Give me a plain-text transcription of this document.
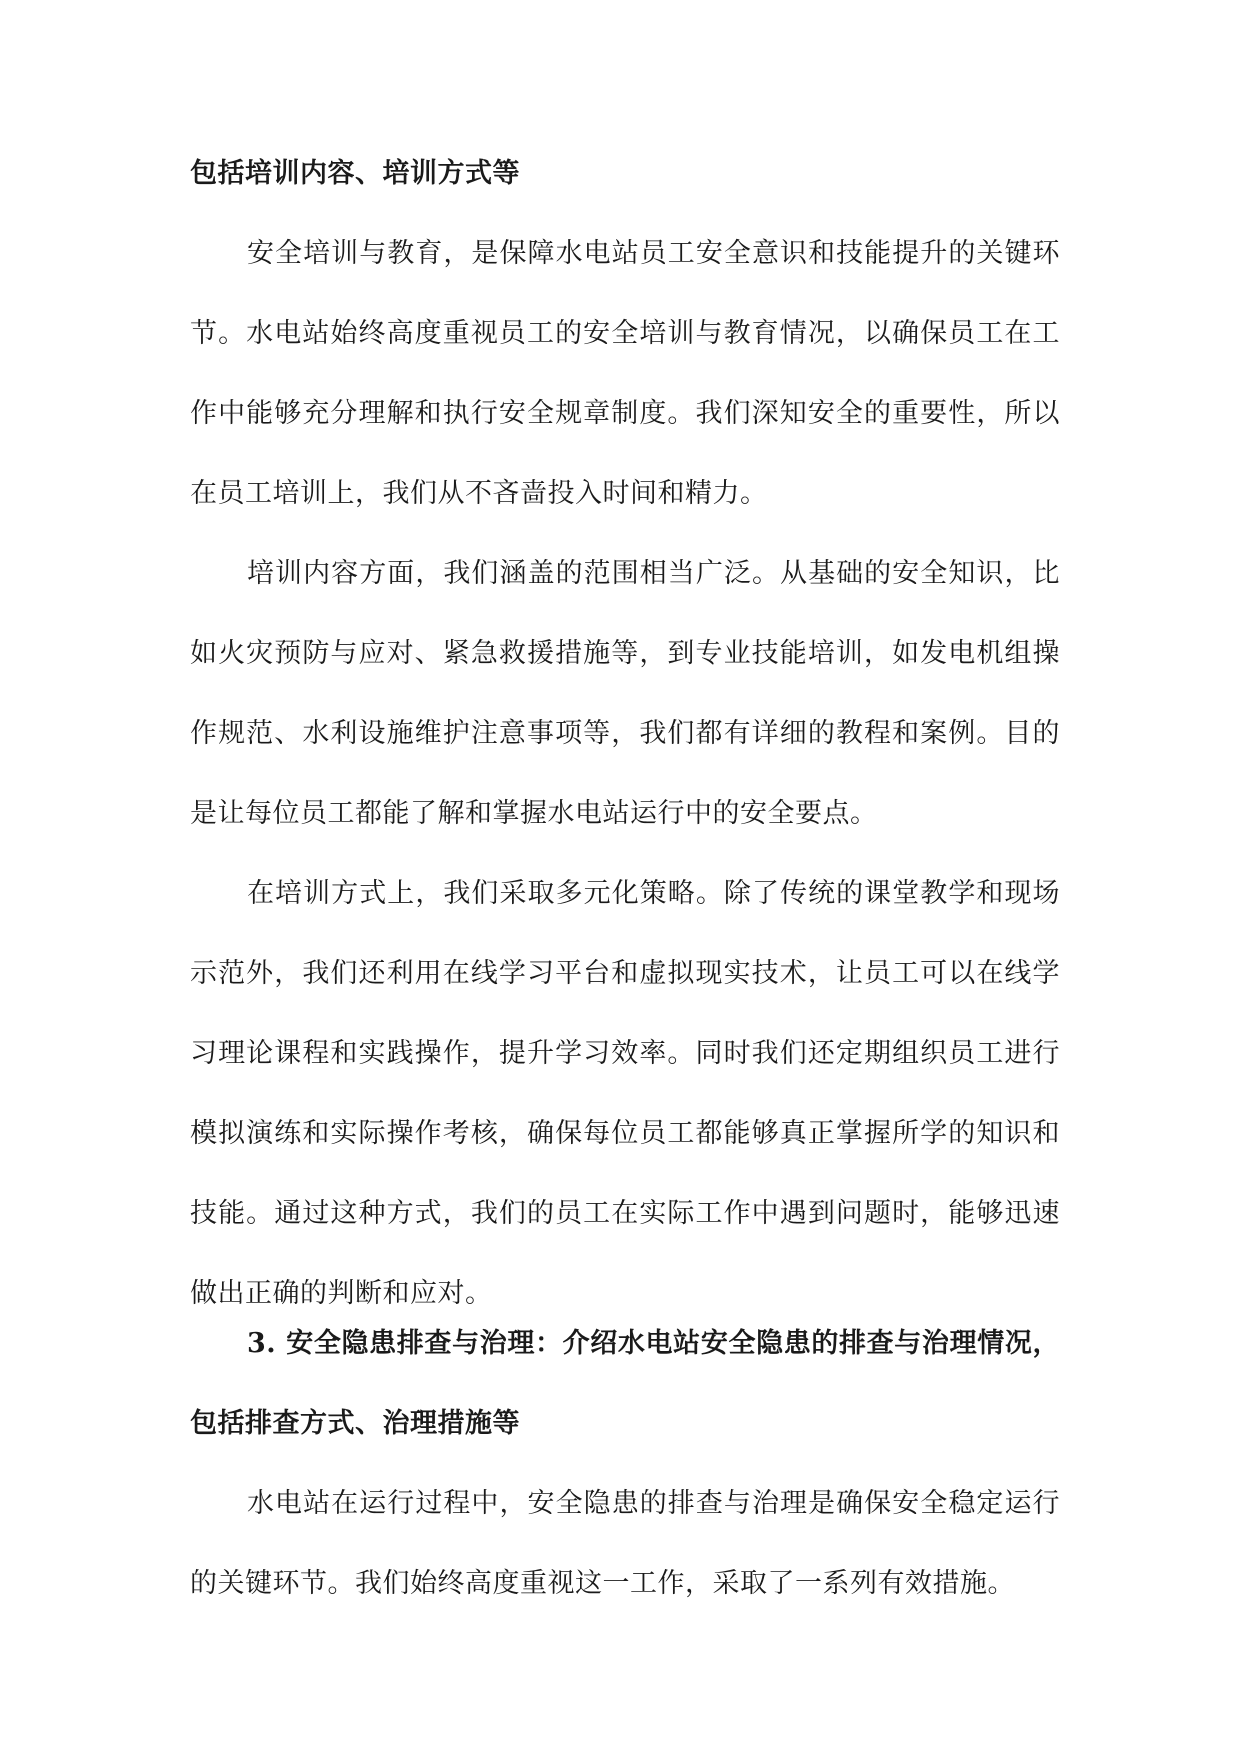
包括培训内容、培训方式等

安全培训与教育，是保障水电站员工安全意识和技能提升的关键环节。水电站始终高度重视员工的安全培训与教育情况，以确保员工在工作中能够充分理解和执行安全规章制度。我们深知安全的重要性，所以在员工培训上，我们从不吝啬投入时间和精力。

培训内容方面，我们涵盖的范围相当广泛。从基础的安全知识，比如火灾预防与应对、紧急救援措施等，到专业技能培训，如发电机组操作规范、水利设施维护注意事项等，我们都有详细的教程和案例。目的是让每位员工都能了解和掌握水电站运行中的安全要点。

在培训方式上，我们采取多元化策略。除了传统的课堂教学和现场示范外，我们还利用在线学习平台和虚拟现实技术，让员工可以在线学习理论课程和实践操作，提升学习效率。同时我们还定期组织员工进行模拟演练和实际操作考核，确保每位员工都能够真正掌握所学的知识和技能。通过这种方式，我们的员工在实际工作中遇到问题时，能够迅速做出正确的判断和应对。

3. 安全隐患排查与治理：介绍水电站安全隐患的排查与治理情况，包括排查方式、治理措施等

水电站在运行过程中，安全隐患的排查与治理是确保安全稳定运行的关键环节。我们始终高度重视这一工作，采取了一系列有效措施。
